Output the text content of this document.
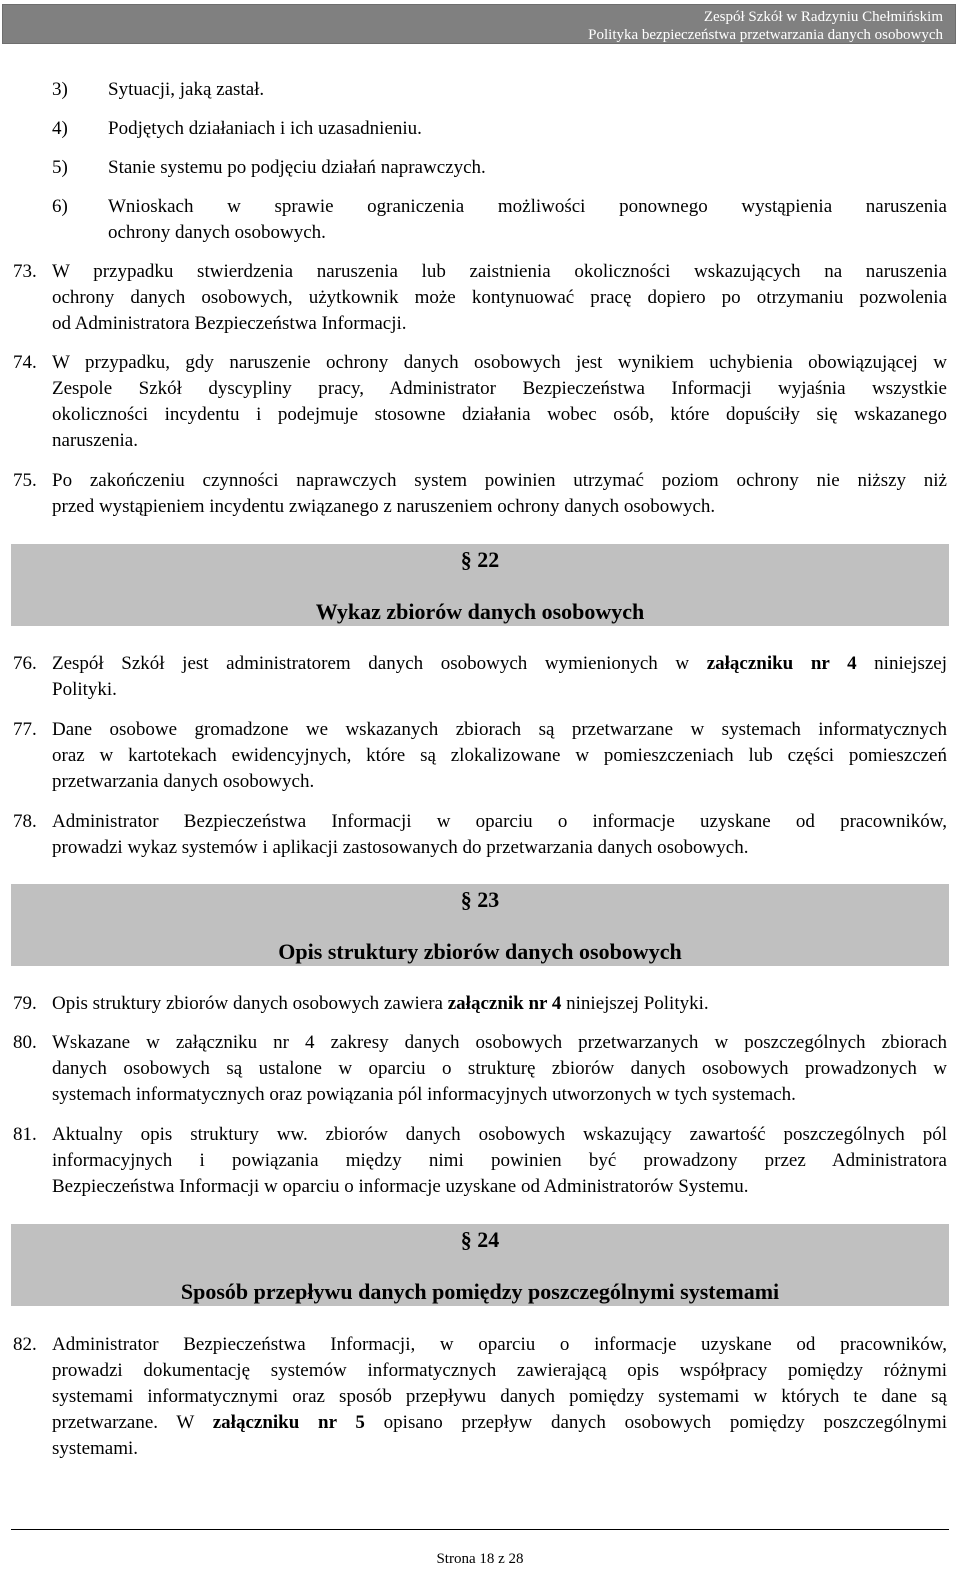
Zespół Szkół w Radzyniu Chełmińskim
Polityka bezpieczeństwa przetwarzania danych osobowych
3) Sytuacji, jaką zastał.
4) Podjętych działaniach i ich uzasadnieniu.
5) Stanie systemu po podjęciu działań naprawczych.
6) Wnioskach w sprawie ograniczenia możliwości ponownego wystąpienia naruszenia
ochrony danych osobowych.
73. W przypadku stwierdzenia naruszenia lub zaistnienia okoliczności wskazujących na naruszenia
ochrony danych osobowych, użytkownik może kontynuować pracę dopiero po otrzymaniu pozwolenia
od Administratora Bezpieczeństwa Informacji.
74. W przypadku, gdy naruszenie ochrony danych osobowych jest wynikiem uchybienia obowiązującej w
Zespole Szkół dyscypliny pracy, Administrator Bezpieczeństwa Informacji wyjaśnia wszystkie
okoliczności incydentu i podejmuje stosowne działania wobec osób, które dopuściły się wskazanego
naruszenia.
75. Po zakończeniu czynności naprawczych system powinien utrzymać poziom ochrony nie niższy niż
przed wystąpieniem incydentu związanego z naruszeniem ochrony danych osobowych.
§ 22
Wykaz zbiorów danych osobowych
76. Zespół Szkół jest administratorem danych osobowych wymienionych w załączniku nr 4 niniejszej
Polityki.
77. Dane osobowe gromadzone we wskazanych zbiorach są przetwarzane w systemach informatycznych
oraz w kartotekach ewidencyjnych, które są zlokalizowane w pomieszczeniach lub części pomieszczeń
przetwarzania danych osobowych.
78. Administrator Bezpieczeństwa Informacji w oparciu o informacje uzyskane od pracowników,
prowadzi wykaz systemów i aplikacji zastosowanych do przetwarzania danych osobowych.
§ 23
Opis struktury zbiorów danych osobowych
79. Opis struktury zbiorów danych osobowych zawiera załącznik nr 4 niniejszej Polityki.
80. Wskazane w załączniku nr 4 zakresy danych osobowych przetwarzanych w poszczególnych zbiorach
danych osobowych są ustalone w oparciu o strukturę zbiorów danych osobowych prowadzonych w
systemach informatycznych oraz powiązania pól informacyjnych utworzonych w tych systemach.
81. Aktualny opis struktury ww. zbiorów danych osobowych wskazujący zawartość poszczególnych pól
informacyjnych i powiązania między nimi powinien być prowadzony przez Administratora
Bezpieczeństwa Informacji w oparciu o informacje uzyskane od Administratorów Systemu.
§ 24
Sposób przepływu danych pomiędzy poszczególnymi systemami
82. Administrator Bezpieczeństwa Informacji, w oparciu o informacje uzyskane od pracowników,
prowadzi dokumentację systemów informatycznych zawierającą opis współpracy pomiędzy różnymi
systemami informatycznymi oraz sposób przepływu danych pomiędzy systemami w których te dane są
przetwarzane. W załączniku nr 5 opisano przepływ danych osobowych pomiędzy poszczególnymi
systemami.
Strona 18 z 28
